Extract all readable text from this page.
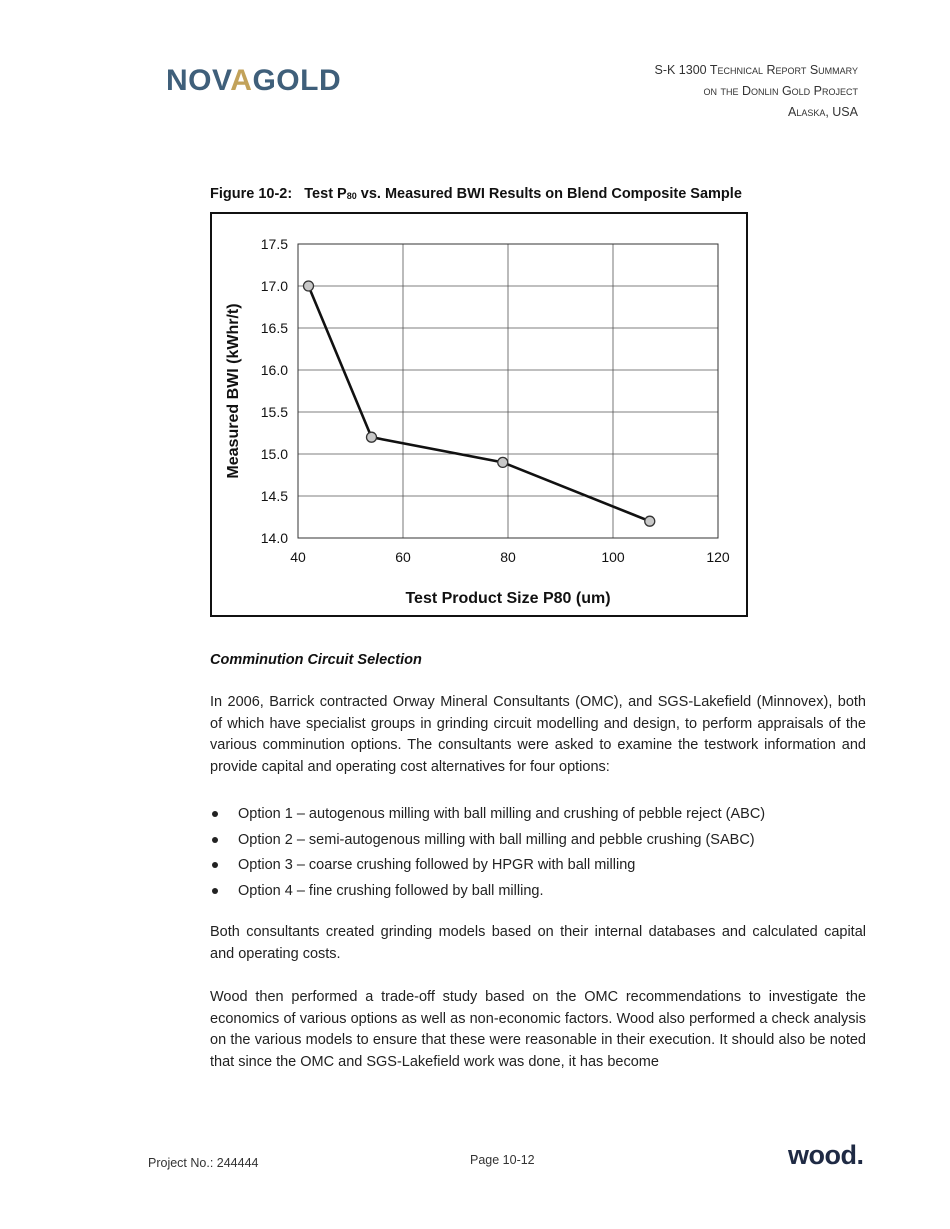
NOVAGOLD	S-K 1300 Technical Report Summary
on the Donlin Gold Project
Alaska, USA
Figure 10-2: Test $P_{80}$ vs. Measured BWI Results on Blend Composite Sample
14.0
14.5
15.0
15.5
16.0
16.5
17.0
17.5
40	60	80	100	120
Test Product Size P80 (um)
Measured BWI (kWhr/t)
Comminution Circuit Selection

In 2006, Barrick contracted Orway Mineral Consultants (OMC), and SGS-Lakefield (Minnovex), both of which have specialist groups in grinding circuit modelling and design, to perform appraisals of the various comminution options. The consultants were asked to examine the testwork information and provide capital and operating cost alternatives for four options:

Option 1 – autogenous milling with ball milling and crushing of pebble reject (ABC)
Option 2 – semi-autogenous milling with ball milling and pebble crushing (SABC)
Option 3 – coarse crushing followed by HPGR with ball milling
Option 4 – fine crushing followed by ball milling.

Both consultants created grinding models based on their internal databases and calculated capital and operating costs.

Wood then performed a trade-off study based on the OMC recommendations to investigate the economics of various options as well as non-economic factors. Wood also performed a check analysis on the various models to ensure that these were reasonable in their execution. It should also be noted that since the OMC and SGS-Lakefield work was done, it has become

Project No.: 244444	Page 10-12	wood.
